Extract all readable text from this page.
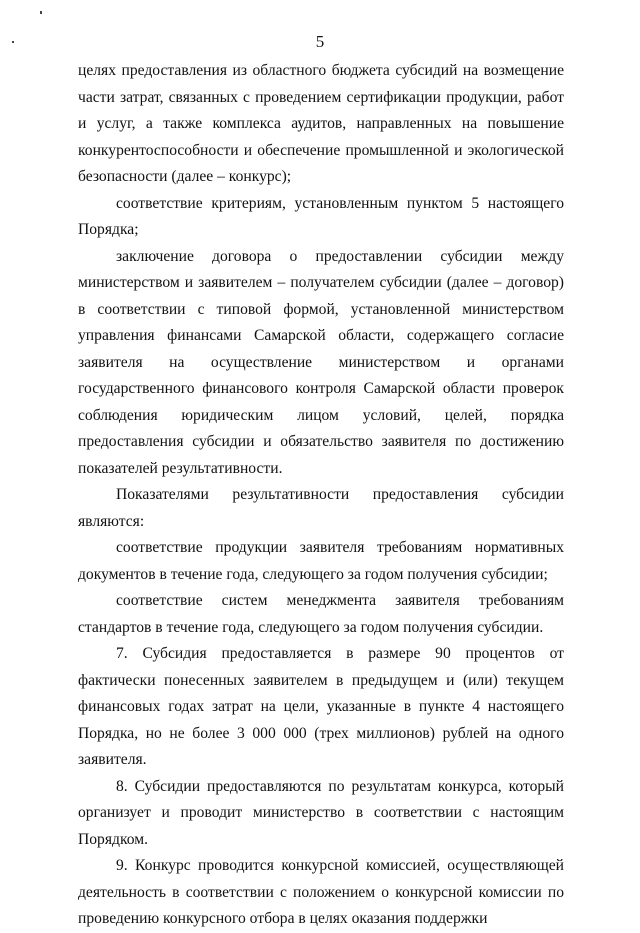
5

целях предоставления из областного бюджета субсидий на возмещение части затрат, связанных с проведением сертификации продукции, работ и услуг, а также комплекса аудитов, направленных на повышение конкурентоспособности и обеспечение промышленной и экологической безопасности (далее – конкурс);

соответствие критериям, установленным пунктом 5 настоящего Порядка;

заключение договора о предоставлении субсидии между министерством и заявителем – получателем субсидии (далее – договор) в соответствии с типовой формой, установленной министерством управления финансами Самарской области, содержащего согласие заявителя на осуществление министерством и органами государственного финансового контроля Самарской области проверок соблюдения юридическим лицом условий, целей, порядка предоставления субсидии и обязательство заявителя по достижению показателей результативности.

Показателями результативности предоставления субсидии являются:

соответствие продукции заявителя требованиям нормативных документов в течение года, следующего за годом получения субсидии;

соответствие систем менеджмента заявителя требованиям стандартов в течение года, следующего за годом получения субсидии.

7. Субсидия предоставляется в размере 90 процентов от фактически понесенных заявителем в предыдущем и (или) текущем финансовых годах затрат на цели, указанные в пункте 4 настоящего Порядка, но не более 3 000 000 (трех миллионов) рублей на одного заявителя.

8. Субсидии предоставляются по результатам конкурса, который организует и проводит министерство в соответствии с настоящим Порядком.

9. Конкурс проводится конкурсной комиссией, осуществляющей деятельность в соответствии с положением о конкурсной комиссии по проведению конкурсного отбора в целях оказания поддержки
